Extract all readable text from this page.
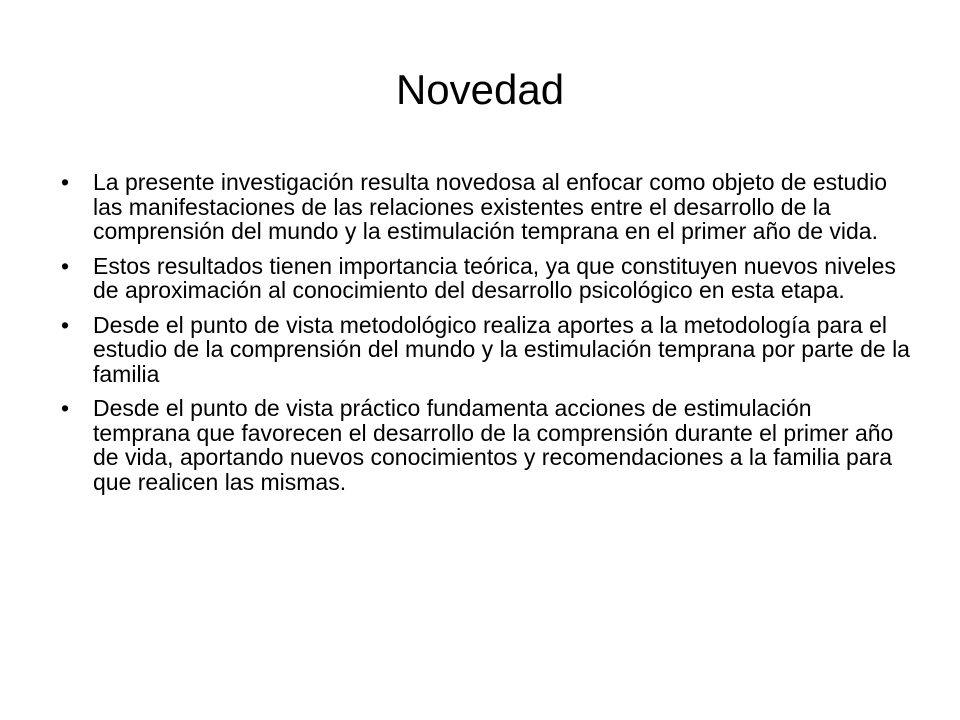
Novedad
•	La presente investigación resulta novedosa al enfocar como objeto de estudio las manifestaciones de las relaciones existentes entre el desarrollo de la comprensión del mundo y la estimulación temprana en el primer año de vida.
•	Estos resultados tienen importancia teórica, ya que constituyen nuevos niveles de aproximación al conocimiento del desarrollo psicológico en esta etapa.
•	Desde el punto de vista metodológico realiza aportes a la metodología para el estudio de la comprensión del mundo y la estimulación temprana por parte de la familia
•	Desde el punto de vista práctico fundamenta acciones de estimulación temprana que favorecen el desarrollo de la comprensión durante el primer año de vida, aportando nuevos conocimientos y recomendaciones a la familia para que realicen las mismas.
